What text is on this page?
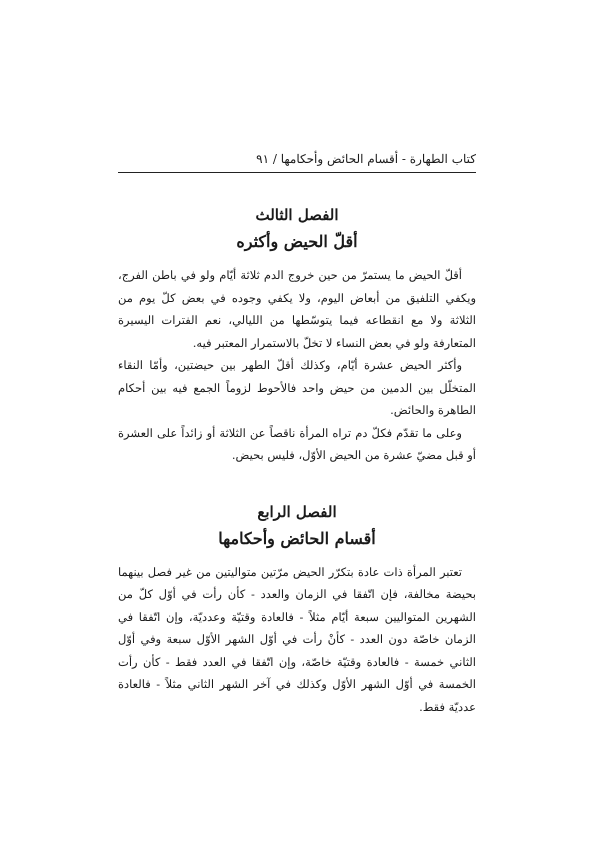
كتاب الطهارة - أقسام الحائض وأحكامها / ٩١
الفصل الثالث
أقلّ الحيض وأكثره

أقلّ الحيض ما يستمرّ من حين خروج الدم ثلاثة أيّام ولو في باطن الفرج، ويكفي التلفيق من أبعاض اليوم، ولا يكفي وجوده في بعض كلّ يوم من الثلاثة ولا مع انقطاعه فيما يتوسّطها من الليالي، نعم الفترات اليسيرة المتعارفة ولو في بعض النساء لا تخلّ بالاستمرار المعتبر فيه.

وأكثر الحيض عشرة أيّام، وكذلك أقلّ الطهر بين حيضتين، وأمّا النقاء المتخلّل بين الدمين من حيض واحد فالأحوط لزوماً الجمع فيه بين أحكام الطاهرة والحائض.

وعلى ما تقدّم فكلّ دم تراه المرأة ناقصاً عن الثلاثة أو زائداً على العشرة أو قبل مضيّ عشرة من الحيض الأوّل، فليس بحيض.

الفصل الرابع
أقسام الحائض وأحكامها

تعتبر المرأة ذات عادة بتكرّر الحيض مرّتين متواليتين من غير فصل بينهما بحيضة مخالفة، فإن اتّفقا في الزمان والعدد - كأن رأت في أوّل كلّ من الشهرين المتواليين سبعة أيّام مثلاً - فالعادة وقتيّة وعدديّة، وإن اتّفقا في الزمان خاصّة دون العدد - كأنْ رأت في أوّل الشهر الأوّل سبعة وفي أوّل الثاني خمسة - فالعادة وقتيّة خاصّة، وإن اتّفقا في العدد فقط - كأن رأت الخمسة في أوّل الشهر الأوّل وكذلك في آخر الشهر الثاني مثلاً - فالعادة عدديّة فقط.
